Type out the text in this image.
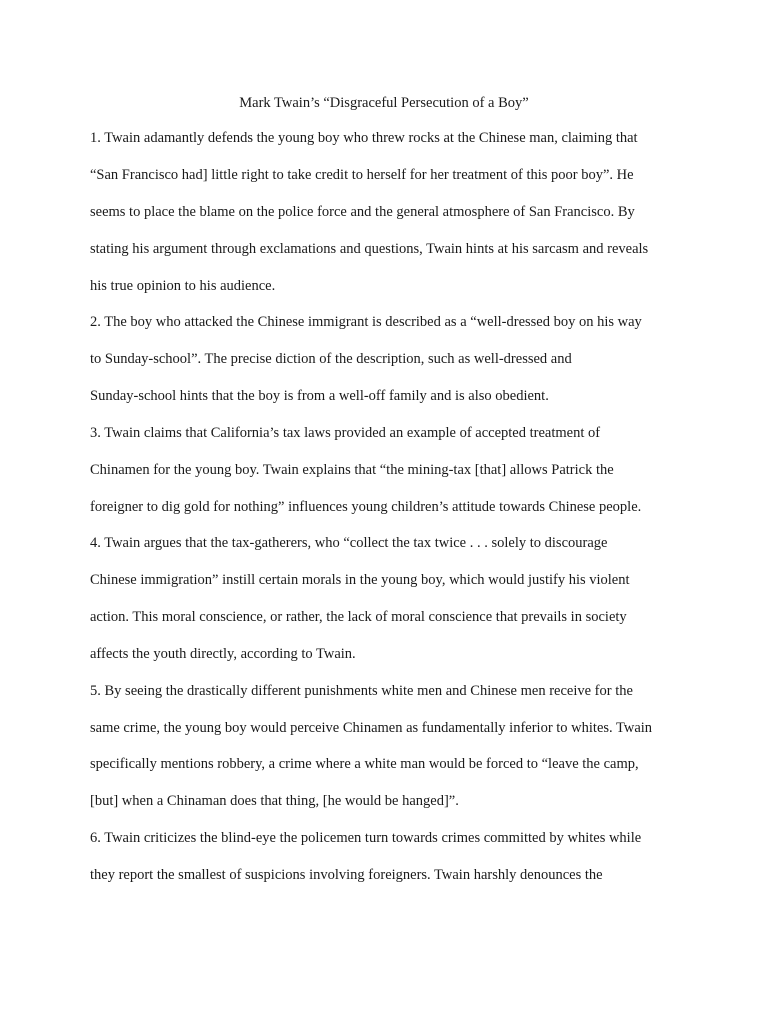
Mark Twain’s “Disgraceful Persecution of a Boy”
1. Twain adamantly defends the young boy who threw rocks at the Chinese man, claiming that
“San Francisco had] little right to take credit to herself for her treatment of this poor boy”. He
seems to place the blame on the police force and the general atmosphere of San Francisco. By
stating his argument through exclamations and questions, Twain hints at his sarcasm and reveals
his true opinion to his audience.
2. The boy who attacked the Chinese immigrant is described as a “well-dressed boy on his way
to Sunday-school”. The precise diction of the description, such as well-dressed and
Sunday-school hints that the boy is from a well-off family and is also obedient.
3. Twain claims that California’s tax laws provided an example of accepted treatment of
Chinamen for the young boy. Twain explains that “the mining-tax [that] allows Patrick the
foreigner to dig gold for nothing” influences young children’s attitude towards Chinese people.
4. Twain argues that the tax-gatherers, who “collect the tax twice . . . solely to discourage
Chinese immigration” instill certain morals in the young boy, which would justify his violent
action. This moral conscience, or rather, the lack of moral conscience that prevails in society
affects the youth directly, according to Twain.
5. By seeing the drastically different punishments white men and Chinese men receive for the
same crime, the young boy would perceive Chinamen as fundamentally inferior to whites. Twain
specifically mentions robbery, a crime where a white man would be forced to “leave the camp,
[but] when a Chinaman does that thing, [he would be hanged]”.
6. Twain criticizes the blind-eye the policemen turn towards crimes committed by whites while
they report the smallest of suspicions involving foreigners. Twain harshly denounces the
